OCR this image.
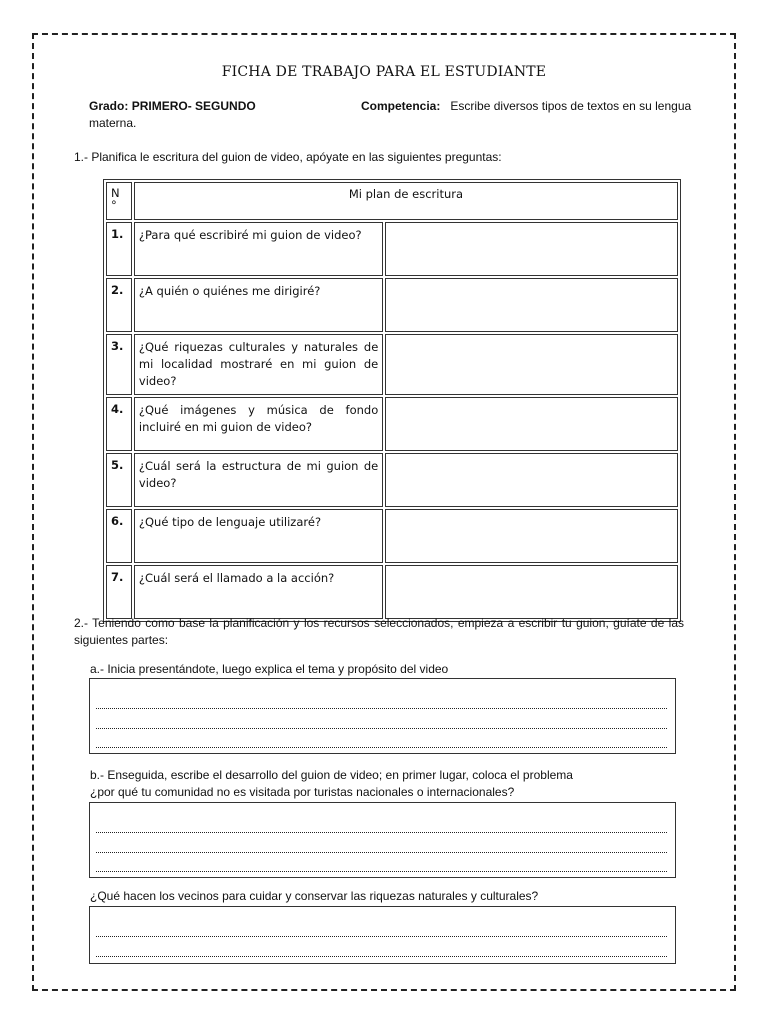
FICHA DE TRABAJO PARA EL ESTUDIANTE
Grado: PRIMERO- SEGUNDO	Competencia: Escribe diversos tipos de textos en su lengua
materna.
1.- Planifica le escritura del guion de video, apóyate en las siguientes preguntas:
N °	Mi plan de escritura	
1.	¿Para qué escribiré mi guion de video?	
2.	¿A quién o quiénes me dirigiré?	
3.	¿Qué riquezas culturales y naturales de mi localidad mostraré en mi guion de video?	
4.	¿Qué imágenes y música de fondo incluiré en mi guion de video?	
5.	¿Cuál será la estructura de mi guion de video?	
6.	¿Qué tipo de lenguaje utilizaré?	
7.	¿Cuál será el llamado a la acción?	
2.- Teniendo como base la planificación y los recursos seleccionados, empieza a escribir tu guion, guíate de las siguientes partes:
a.- Inicia presentándote, luego explica el tema y propósito del video
b.- Enseguida, escribe el desarrollo del guion de video; en primer lugar, coloca el problema
¿por qué tu comunidad no es visitada por turistas nacionales o internacionales?
¿Qué hacen los vecinos para cuidar y conservar las riquezas naturales y culturales?
